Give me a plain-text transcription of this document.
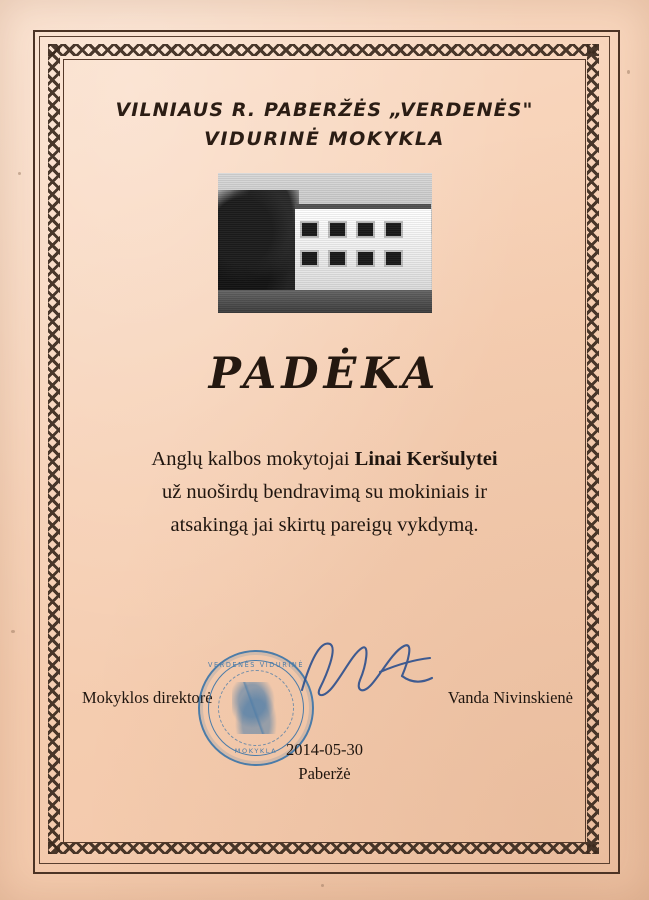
VILNIAUS R. PABERŽĖS „VERDENĖS"
VIDURINĖ MOKYKLA
PADĖKA
Anglų kalbos mokytojai Linai Keršulytei
už nuoširdų bendravimą su mokiniais ir
atsakingą jai skirtų pareigų vykdymą.
Mokyklos direktorė	Vanda Nivinskienė
VERDENĖS VIDURINĖ
MOKYKLA 2014-05-30
Paberžė
